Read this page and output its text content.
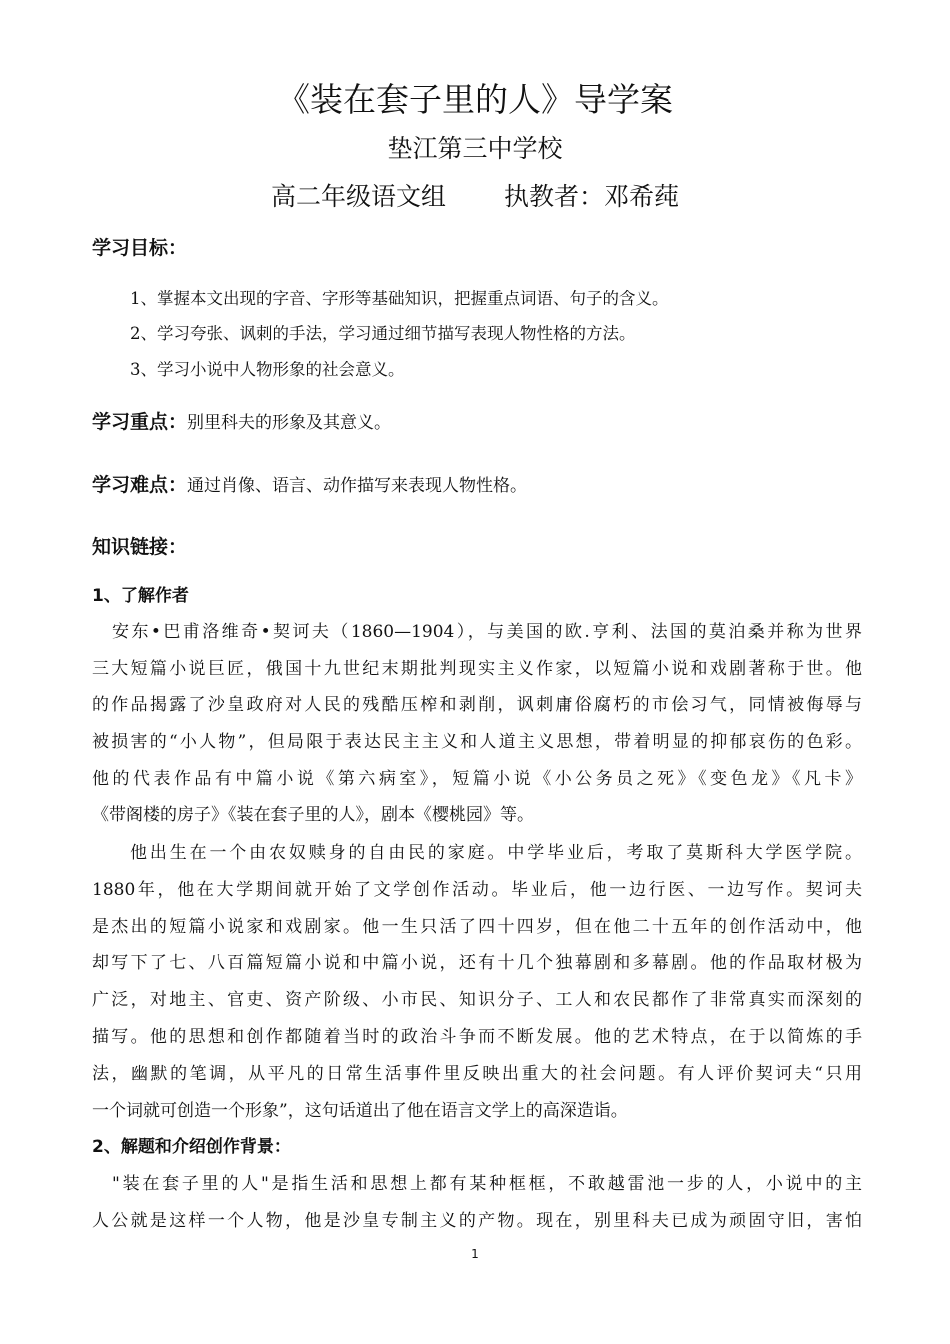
《装在套子里的人》导学案
垫江第三中学校
高二年级语文组 执教者：邓希莼
学习目标：
1、掌握本文出现的字音、字形等基础知识，把握重点词语、句子的含义。
2、学习夸张、讽刺的手法，学习通过细节描写表现人物性格的方法。
3、学习小说中人物形象的社会意义。
学习重点：别里科夫的形象及其意义。
学习难点：通过肖像、语言、动作描写来表现人物性格。
知识链接：
1、了解作者
安东•巴甫洛维奇•契诃夫（1860—1904），与美国的欧.亨利、法国的莫泊桑并称为世界
三大短篇小说巨匠，俄国十九世纪末期批判现实主义作家，以短篇小说和戏剧著称于世。他
的作品揭露了沙皇政府对人民的残酷压榨和剥削，讽刺庸俗腐朽的市侩习气，同情被侮辱与
被损害的“小人物”，但局限于表达民主主义和人道主义思想，带着明显的抑郁哀伤的色彩。
他的代表作品有中篇小说《第六病室》，短篇小说《小公务员之死》《变色龙》《凡卡》
《带阁楼的房子》《装在套子里的人》，剧本《樱桃园》等。
他出生在一个由农奴赎身的自由民的家庭。中学毕业后，考取了莫斯科大学医学院。
1880年，他在大学期间就开始了文学创作活动。毕业后，他一边行医、一边写作。契诃夫
是杰出的短篇小说家和戏剧家。他一生只活了四十四岁，但在他二十五年的创作活动中，他
却写下了七、八百篇短篇小说和中篇小说，还有十几个独幕剧和多幕剧。他的作品取材极为
广泛，对地主、官吏、资产阶级、小市民、知识分子、工人和农民都作了非常真实而深刻的
描写。他的思想和创作都随着当时的政治斗争而不断发展。他的艺术特点，在于以简炼的手
法，幽默的笔调，从平凡的日常生活事件里反映出重大的社会问题。有人评价契诃夫“只用
一个词就可创造一个形象”，这句话道出了他在语言文学上的高深造诣。
2、解题和介绍创作背景：
"装在套子里的人"是指生活和思想上都有某种框框，不敢越雷池一步的人，小说中的主
人公就是这样一个人物，他是沙皇专制主义的产物。现在，别里科夫已成为顽固守旧，害怕
1
